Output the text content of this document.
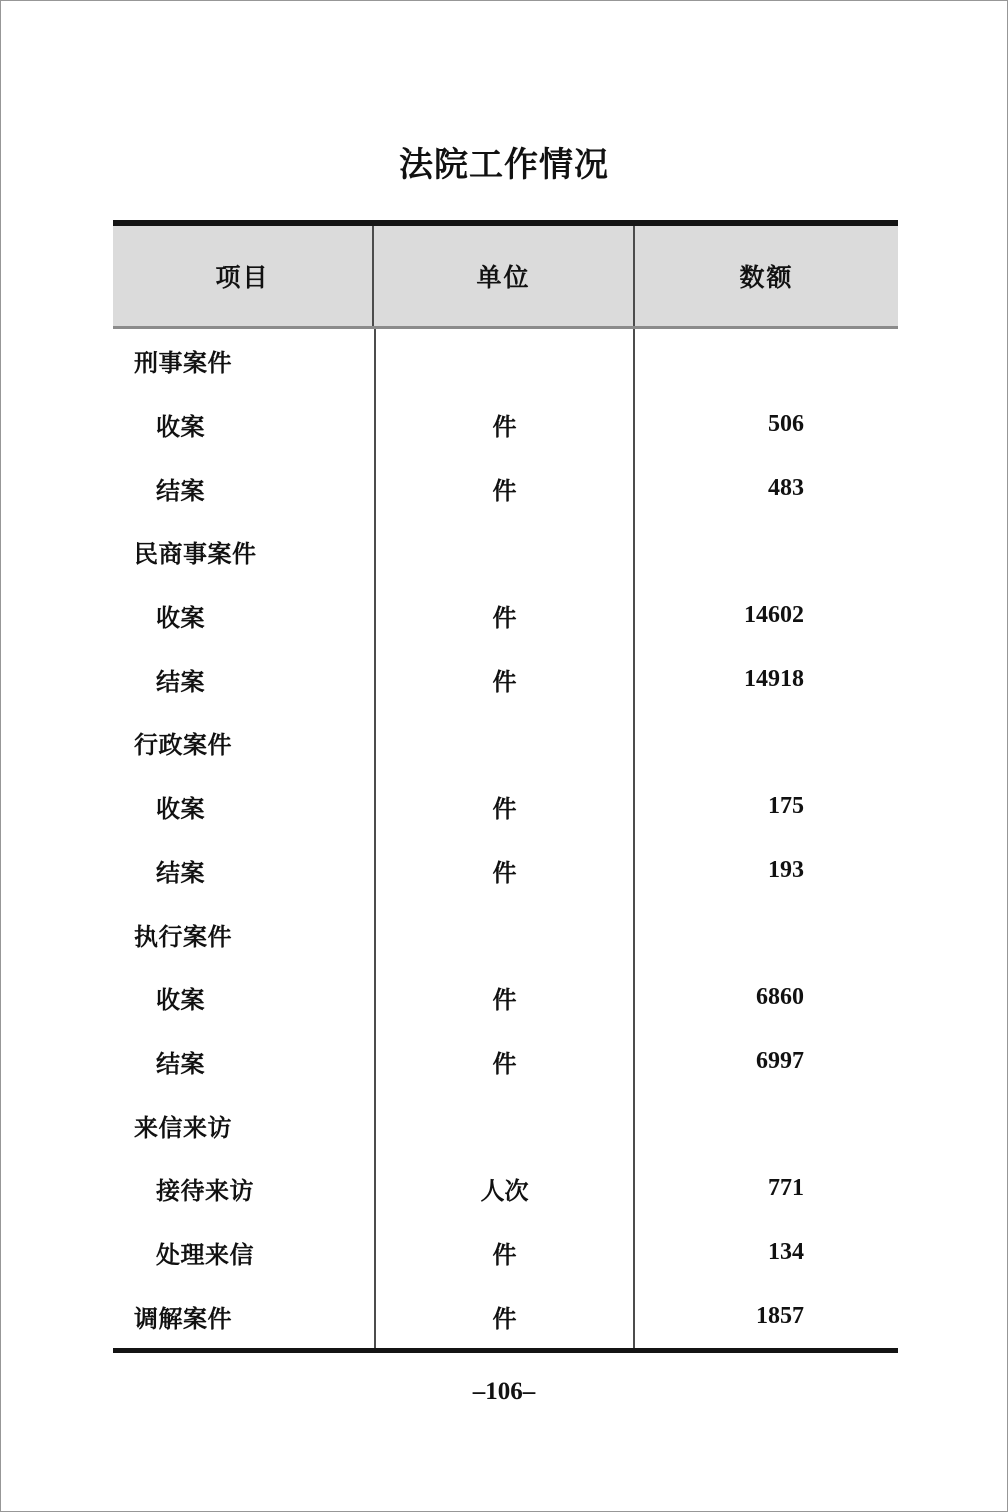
法院工作情况
项目	单位	数额
刑事案件
收案	件	506
结案	件	483
民商事案件
收案	件	14602
结案	件	14918
行政案件
收案	件	175
结案	件	193
执行案件
收案	件	6860
结案	件	6997
来信来访
接待来访	人次	771
处理来信	件	134
调解案件	件	1857
–106–
